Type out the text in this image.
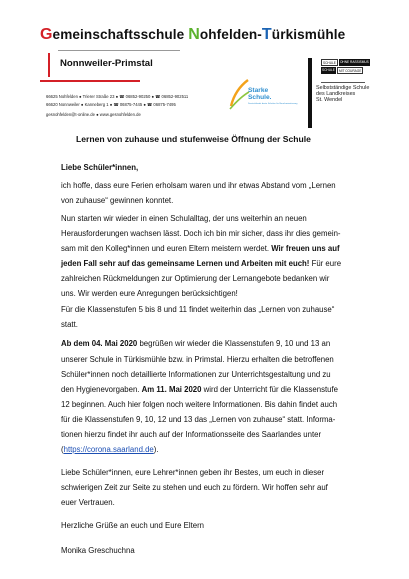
Gemeinschaftsschule Nohfelden-Türkismühle
Nonnweiler-Primstal
66625 Nohfelden ● Trierer Straße 23 ● ☎ 06852-90250 ● ☎ 06852-902511
66620 Nonnweiler ● Kanneberg 1 ● ☎ 06875-7445 ● ☎ 06875-7495
gesnohfelden@t-online.de ● www.gesnohfelden.de
Starke
Schule.
Deutschlands beste Schulen für Berufsorientierung
SCHULE	OHNE RASSISMUS
SCHULE	MIT COURAGE
Selbstständige Schule
des Landkreises
St. Wendel
Lernen von zuhause und stufenweise Öffnung der Schule
Liebe Schüler*innen,
ich hoffe, dass eure Ferien erholsam waren und ihr etwas Abstand vom „Lernen
von zuhause“ gewinnen konntet.
Nun starten wir wieder in einen Schulalltag, der uns weiterhin an neuen
Herausforderungen wachsen lässt. Doch ich bin mir sicher, dass ihr dies gemein-
sam mit den Kolleg*innen und euren Eltern meistern werdet. Wir freuen uns auf
jeden Fall sehr auf das gemeinsame Lernen und Arbeiten mit euch! Für eure
zahlreichen Rückmeldungen zur Optimierung der Lernangebote bedanken wir
uns. Wir werden eure Anregungen berücksichtigen!
Für die Klassenstufen 5 bis 8 und 11 findet weiterhin das „Lernen von zuhause“
statt.
Ab dem 04. Mai 2020 begrüßen wir wieder die Klassenstufen 9, 10 und 13 an
unserer Schule in Türkismühle bzw. in Primstal. Hierzu erhalten die betroffenen
Schüler*innen noch detaillierte Informationen zur Unterrichtsgestaltung und zu
den Hygienevorgaben. Am 11. Mai 2020 wird der Unterricht für die Klassenstufe
12 beginnen. Auch hier folgen noch weitere Informationen. Bis dahin findet auch
für die Klassenstufen 9, 10, 12 und 13 das „Lernen von zuhause“ statt. Informa-
tionen hierzu findet ihr auch auf der Informationsseite des Saarlandes unter
(https://corona.saarland.de).
Liebe Schüler*innen, eure Lehrer*innen geben ihr Bestes, um euch in dieser
schwierigen Zeit zur Seite zu stehen und euch zu fördern. Wir hoffen sehr auf
euer Vertrauen.
Herzliche Grüße an euch und Eure Eltern
Monika Greschuchna
